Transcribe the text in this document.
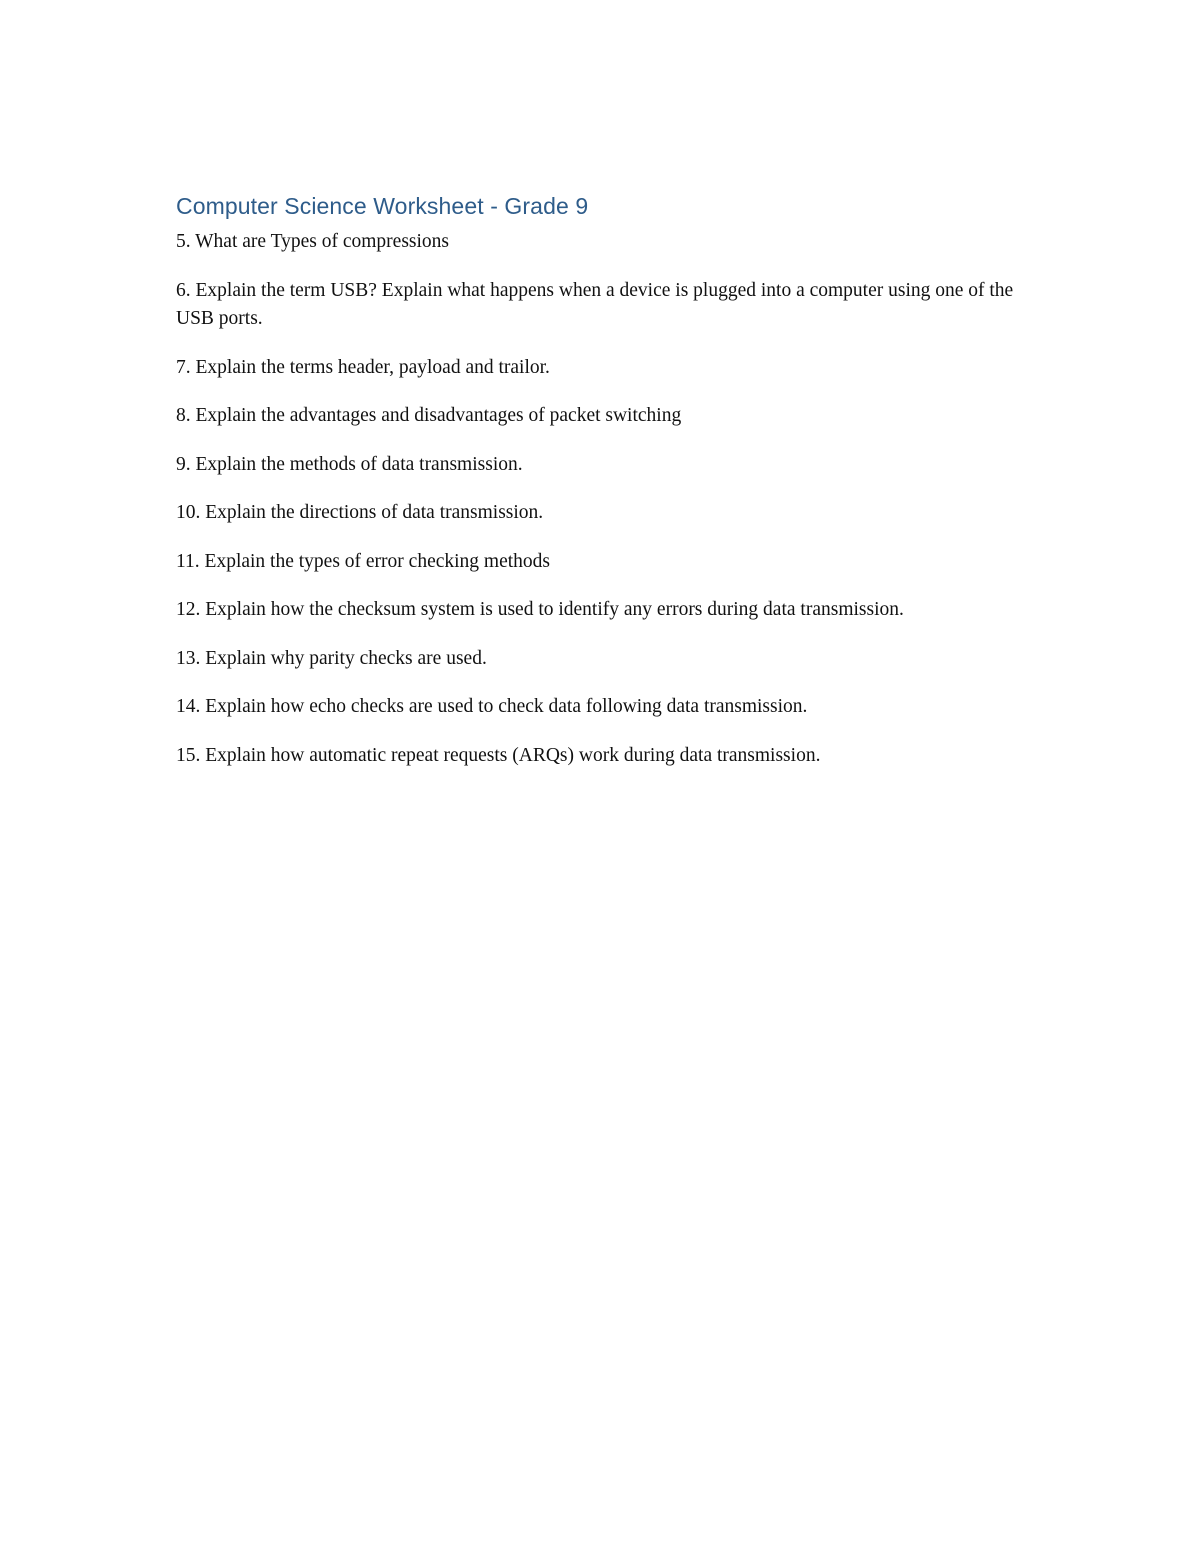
Computer Science Worksheet - Grade 9
5. What are Types of compressions
6. Explain the term USB? Explain what happens when a device is plugged into a computer using one of the USB ports.
7. Explain the terms header, payload and trailor.
8. Explain the advantages and disadvantages of packet switching
9. Explain the methods of data transmission.
10. Explain the directions of data transmission.
11. Explain the types of error checking methods
12. Explain how the checksum system is used to identify any errors during data transmission.
13. Explain why parity checks are used.
14. Explain how echo checks are used to check data following data transmission.
15. Explain how automatic repeat requests (ARQs) work during data transmission.
